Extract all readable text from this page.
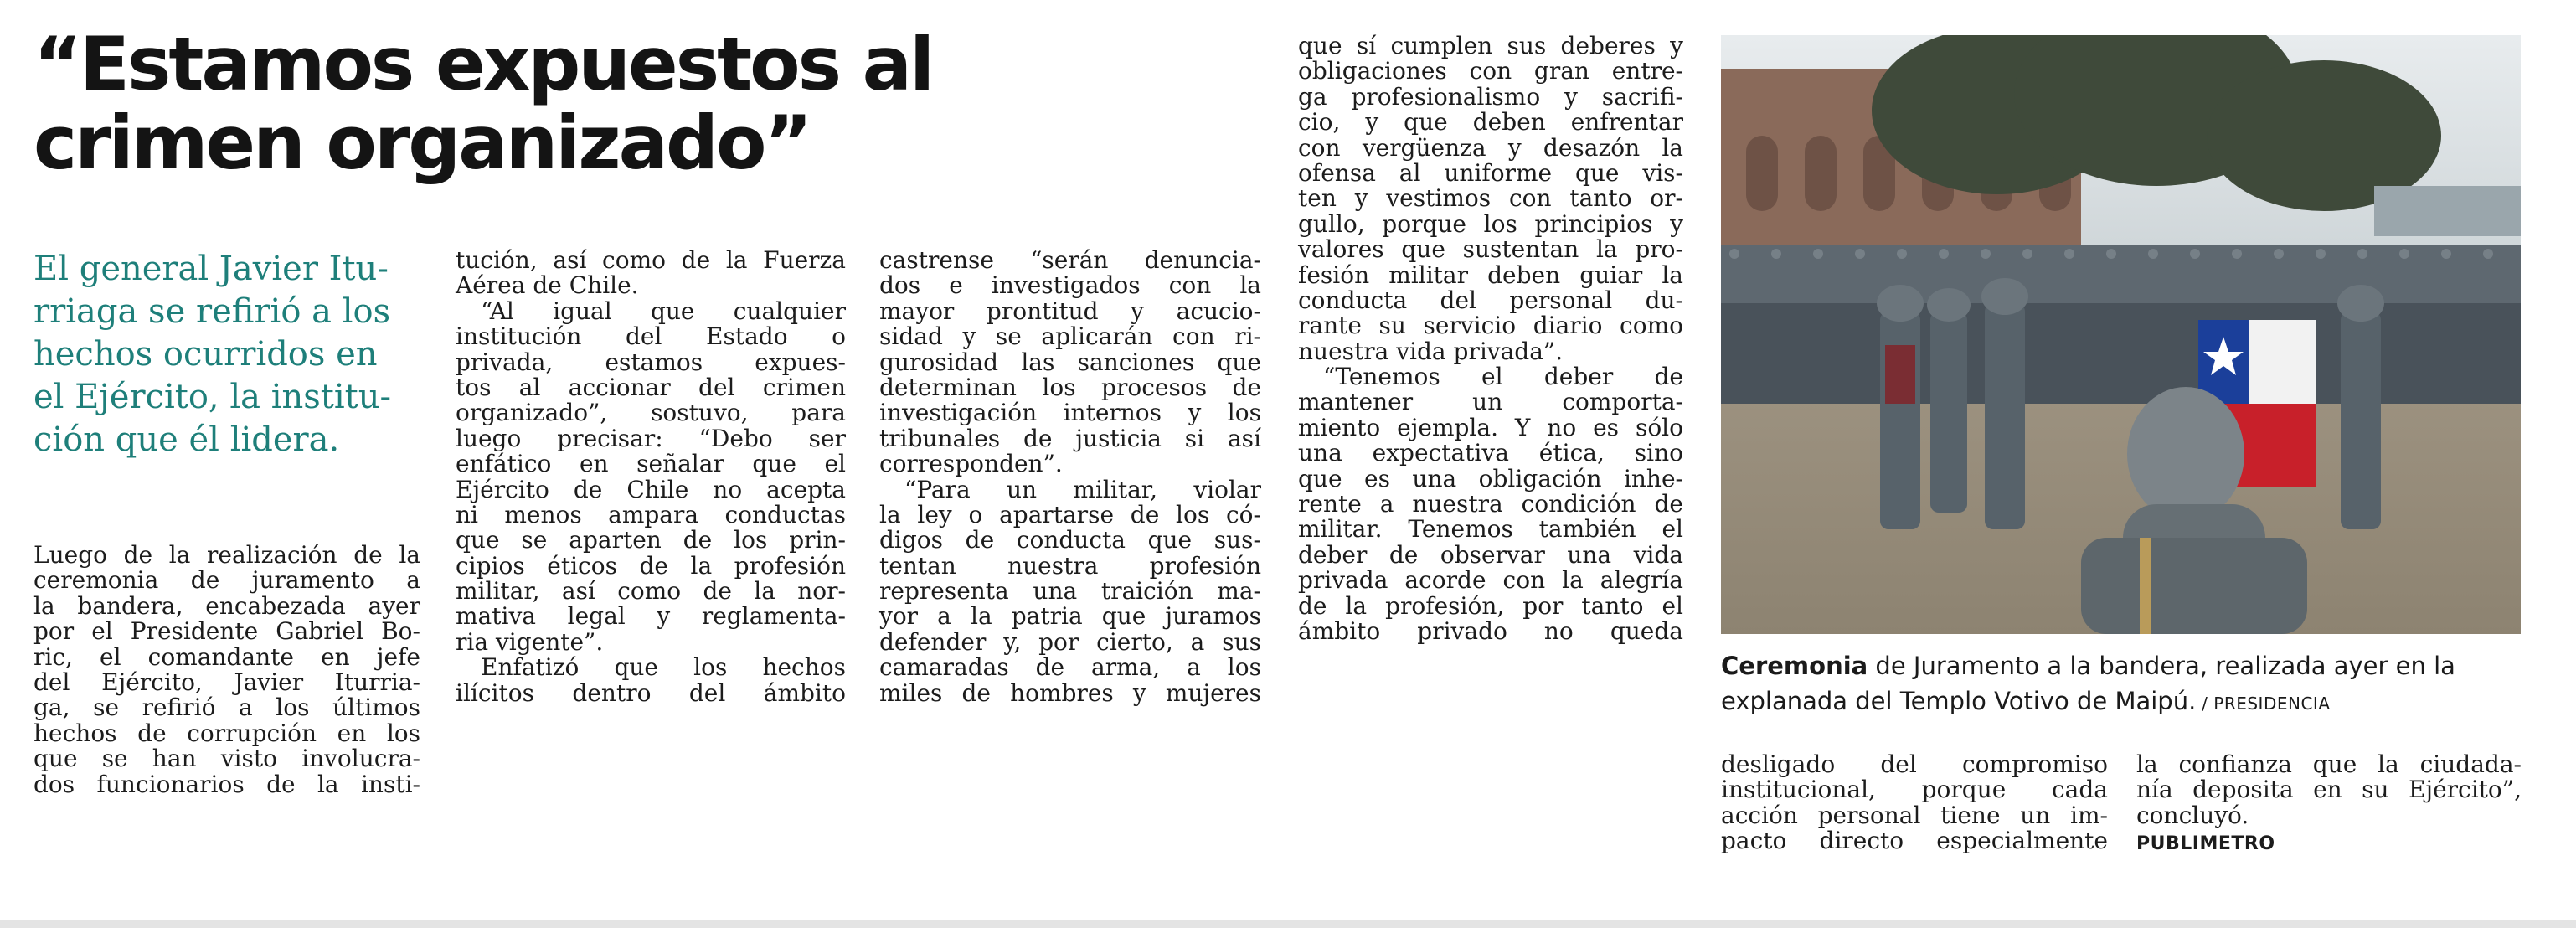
“Estamos expuestos al
crimen organizado”
El general Javier Itu-
rriaga se refirió a los
hechos ocurridos en
el Ejército, la institu-
ción que él lidera.
Luego de la realización de la
ceremonia de juramento a
la bandera, encabezada ayer
por el Presidente Gabriel Bo-
ric, el comandante en jefe
del Ejército, Javier Iturria-
ga, se refirió a los últimos
hechos de corrupción en los
que se han visto involucra-
dos funcionarios de la insti-
tución, así como de la Fuerza
Aérea de Chile.
“Al igual que cualquier
institución del Estado o
privada, estamos expues-
tos al accionar del crimen
organizado”, sostuvo, para
luego precisar: “Debo ser
enfático en señalar que el
Ejército de Chile no acepta
ni menos ampara conductas
que se aparten de los prin-
cipios éticos de la profesión
militar, así como de la nor-
mativa legal y reglamenta-
ria vigente”.
Enfatizó que los hechos
ilícitos dentro del ámbito
castrense “serán denuncia-
dos e investigados con la
mayor prontitud y acucio-
sidad y se aplicarán con ri-
gurosidad las sanciones que
determinan los procesos de
investigación internos y los
tribunales de justicia si así
corresponden”.
“Para un militar, violar
la ley o apartarse de los có-
digos de conducta que sus-
tentan nuestra profesión
representa una traición ma-
yor a la patria que juramos
defender y, por cierto, a sus
camaradas de arma, a los
miles de hombres y mujeres
que sí cumplen sus deberes y
obligaciones con gran entre-
ga profesionalismo y sacrifi-
cio, y que deben enfrentar
con vergüenza y desazón la
ofensa al uniforme que vis-
ten y vestimos con tanto or-
gullo, porque los principios y
valores que sustentan la pro-
fesión militar deben guiar la
conducta del personal du-
rante su servicio diario como
nuestra vida privada”.
“Tenemos el deber de
mantener un comporta-
miento ejempla. Y no es sólo
una expectativa ética, sino
que es una obligación inhe-
rente a nuestra condición de
militar. Tenemos también el
deber de observar una vida
privada acorde con la alegría
de la profesión, por tanto el
ámbito privado no queda
Ceremonia de Juramento a la bandera, realizada ayer en la
explanada del Templo Votivo de Maipú. / PRESIDENCIA
desligado del compromiso
institucional, porque cada
acción personal tiene un im-
pacto directo especialmente
la confianza que la ciudada-
nía deposita en su Ejército”,
concluyó.
PUBLIMETRO
